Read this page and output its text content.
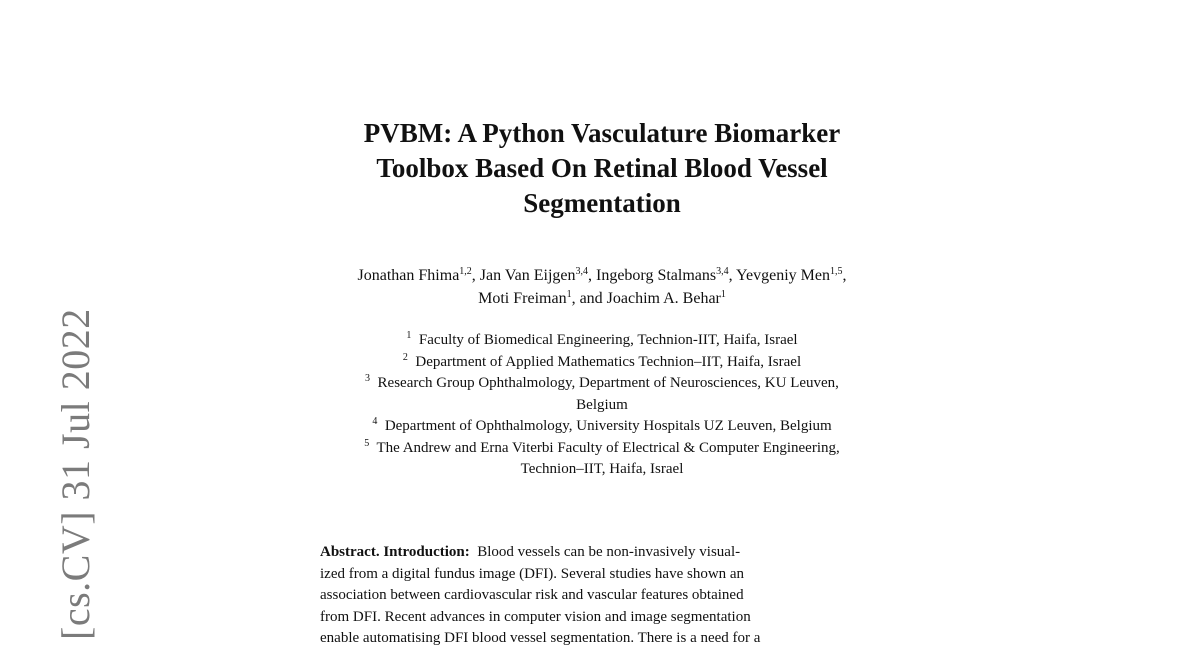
[cs.CV] 31 Jul 2022
PVBM: A Python Vasculature Biomarker
Toolbox Based On Retinal Blood Vessel
Segmentation
Jonathan Fhima$^{1,2}$, Jan Van Eijgen$^{3,4}$, Ingeborg Stalmans$^{3,4}$, Yevgeniy Men$^{1,5}$,
Moti Freiman$^1$, and Joachim A. Behar$^1$
$^1$ Faculty of Biomedical Engineering, Technion-IIT, Haifa, Israel
$^2$ Department of Applied Mathematics Technion–IIT, Haifa, Israel
$^3$ Research Group Ophthalmology, Department of Neurosciences, KU Leuven,
Belgium
$^4$ Department of Ophthalmology, University Hospitals UZ Leuven, Belgium
$^5$ The Andrew and Erna Viterbi Faculty of Electrical & Computer Engineering,
Technion–IIT, Haifa, Israel
Abstract. Introduction: Blood vessels can be non-invasively visual-
ized from a digital fundus image (DFI). Several studies have shown an
association between cardiovascular risk and vascular features obtained
from DFI. Recent advances in computer vision and image segmentation
enable automatising DFI blood vessel segmentation. There is a need for a
